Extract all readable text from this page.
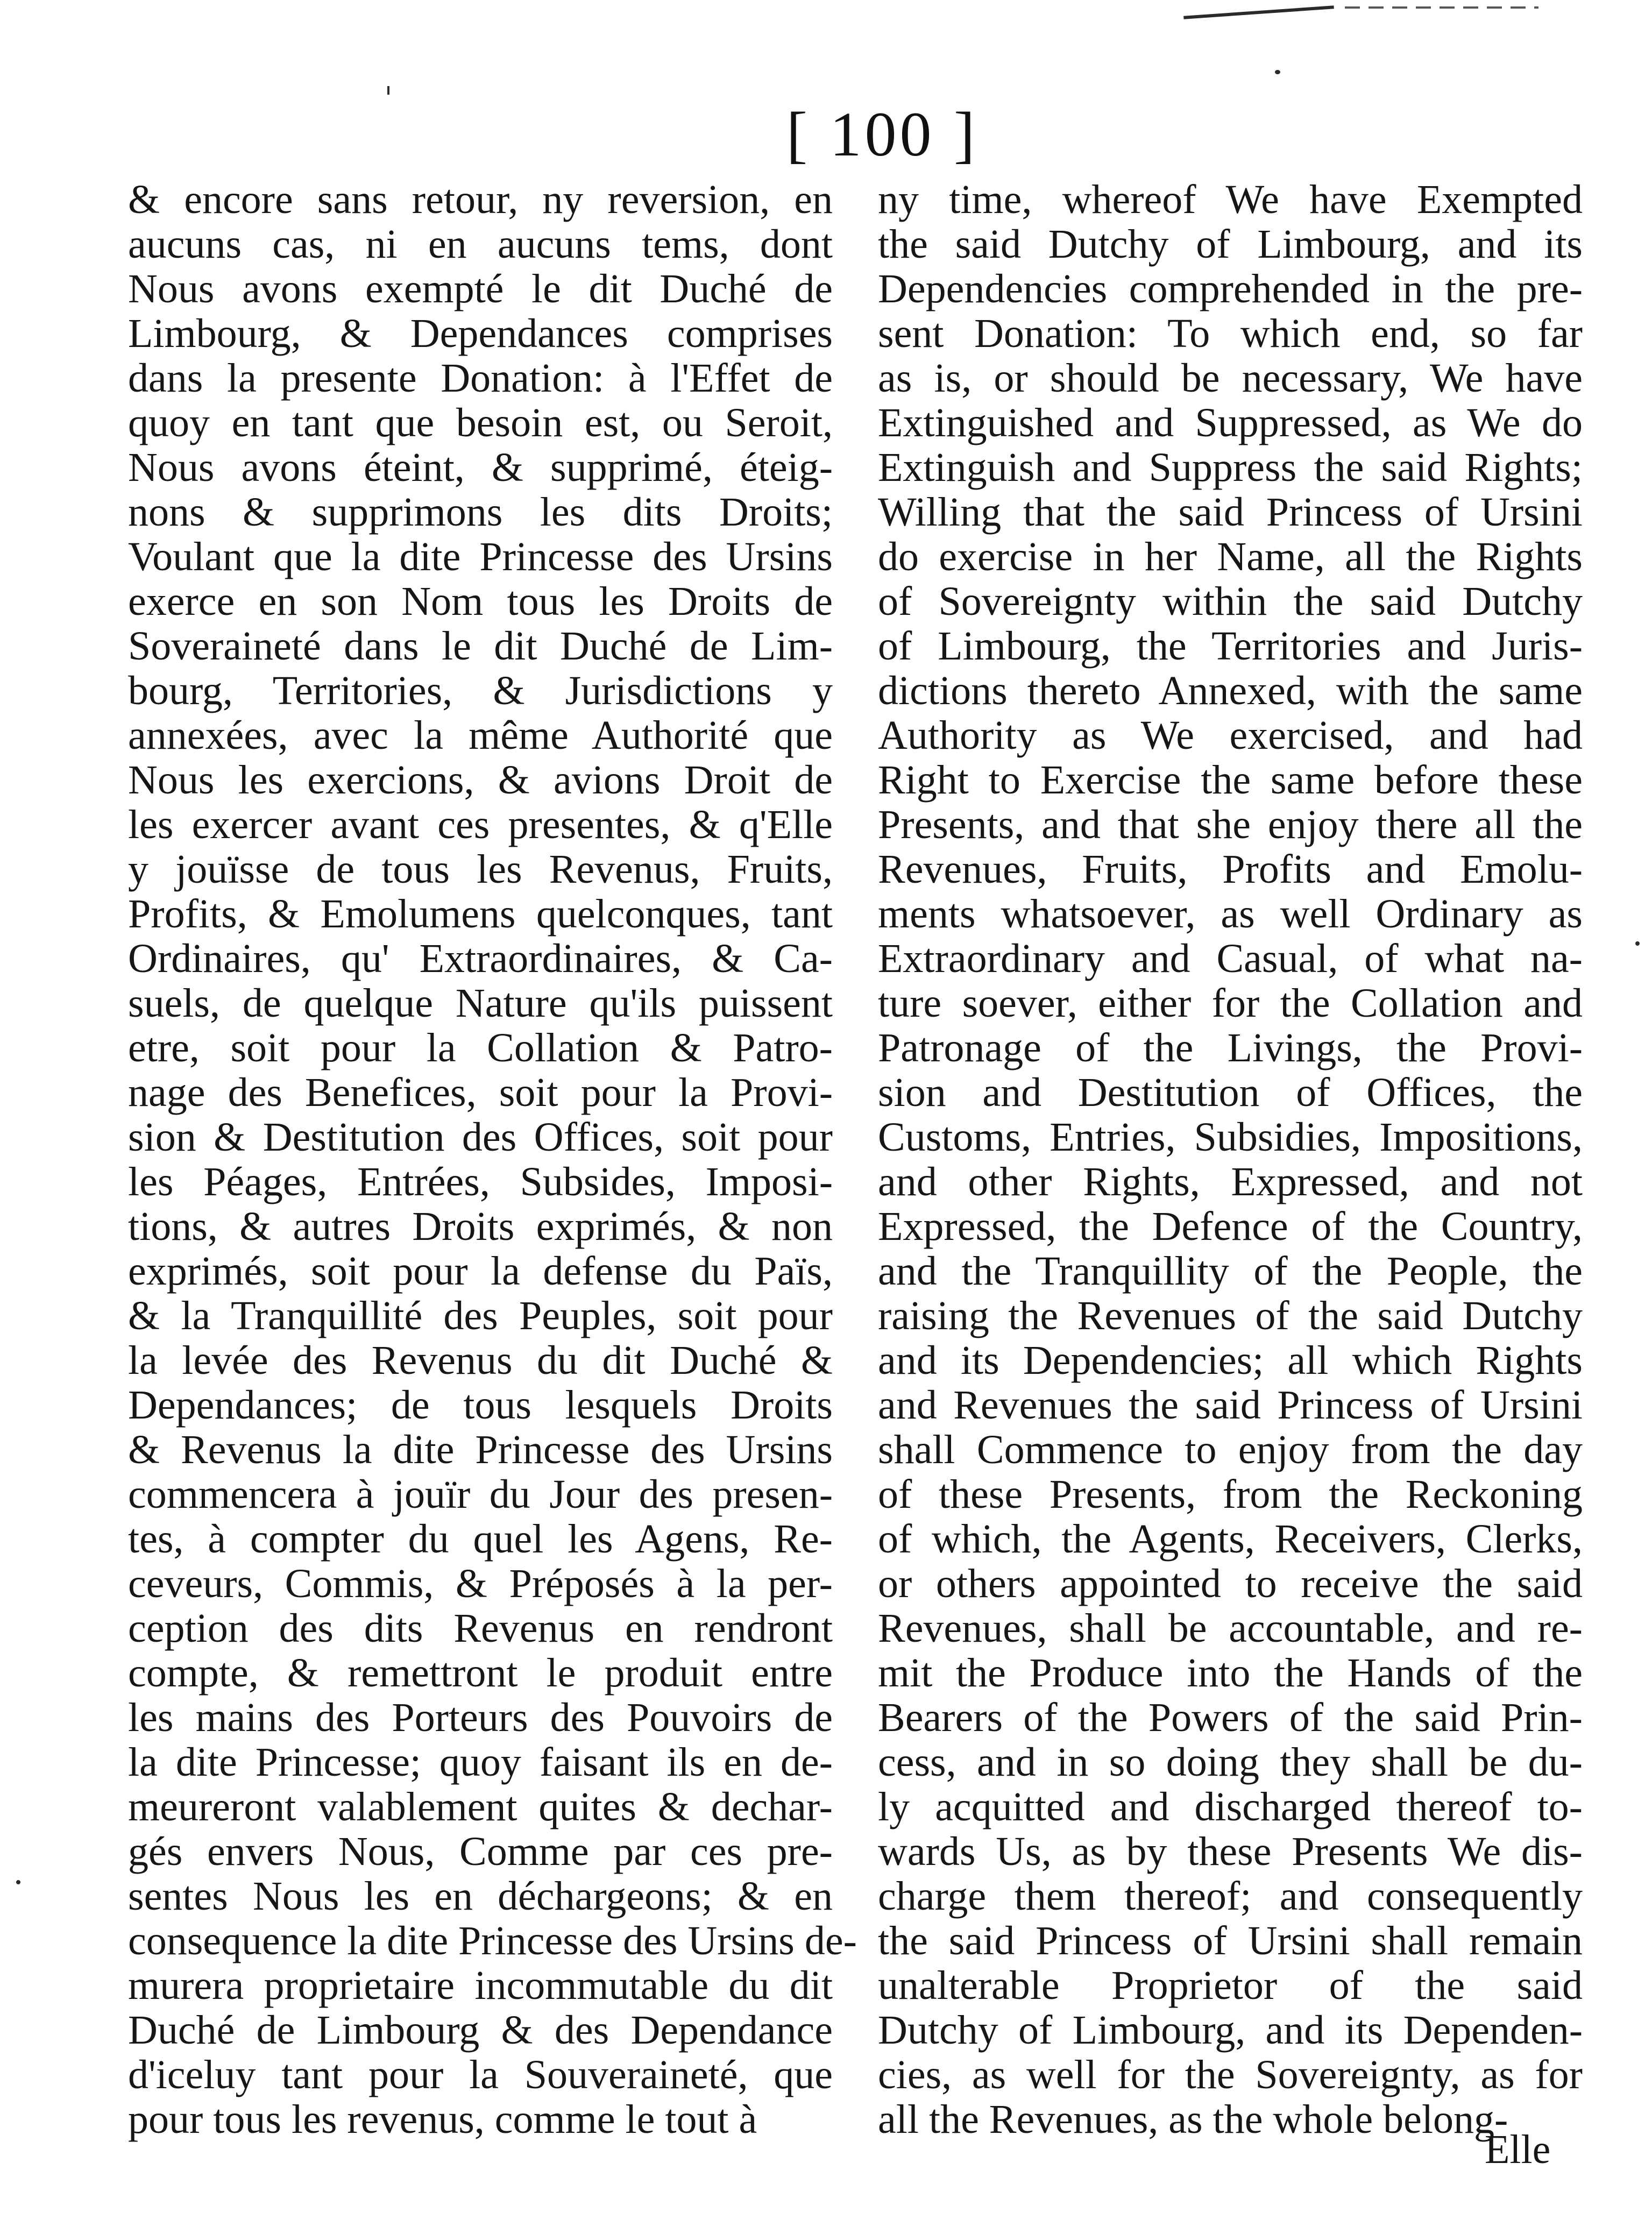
[ 100 ]
& encore sans retour, ny reversion, en
aucuns cas, ni en aucuns tems, dont
Nous avons exempté le dit Duché de
Limbourg, & Dependances comprises
dans la presente Donation: à l'Effet de
quoy en tant que besoin est, ou Seroit,
Nous avons éteint, & supprimé, éteig-
nons & supprimons les dits Droits;
Voulant que la dite Princesse des Ursins
exerce en son Nom tous les Droits de
Soveraineté dans le dit Duché de Lim-
bourg, Territories, & Jurisdictions y
annexées, avec la même Authorité que
Nous les exercions, & avions Droit de
les exercer avant ces presentes, & q'Elle
y jouïsse de tous les Revenus, Fruits,
Profits, & Emolumens quelconques, tant
Ordinaires, qu' Extraordinaires, & Ca-
suels, de quelque Nature qu'ils puissent
etre, soit pour la Collation & Patro-
nage des Benefices, soit pour la Provi-
sion & Destitution des Offices, soit pour
les Péages, Entrées, Subsides, Imposi-
tions, & autres Droits exprimés, & non
exprimés, soit pour la defense du Païs,
& la Tranquillité des Peuples, soit pour
la levée des Revenus du dit Duché &
Dependances; de tous lesquels Droits
& Revenus la dite Princesse des Ursins
commencera à jouïr du Jour des presen-
tes, à compter du quel les Agens, Re-
ceveurs, Commis, & Préposés à la per-
ception des dits Revenus en rendront
compte, & remettront le produit entre
les mains des Porteurs des Pouvoirs de
la dite Princesse; quoy faisant ils en de-
meureront valablement quites & dechar-
gés envers Nous, Comme par ces pre-
sentes Nous les en déchargeons; & en
consequence la dite Princesse des Ursins de-
murera proprietaire incommutable du dit
Duché de Limbourg & des Dependance
d'iceluy tant pour la Souveraineté, que
pour tous les revenus, comme le tout à
ny time, whereof We have Exempted
the said Dutchy of Limbourg, and its
Dependencies comprehended in the pre-
sent Donation: To which end, so far
as is, or should be necessary, We have
Extinguished and Suppressed, as We do
Extinguish and Suppress the said Rights;
Willing that the said Princess of Ursini
do exercise in her Name, all the Rights
of Sovereignty within the said Dutchy
of Limbourg, the Territories and Juris-
dictions thereto Annexed, with the same
Authority as We exercised, and had
Right to Exercise the same before these
Presents, and that she enjoy there all the
Revenues, Fruits, Profits and Emolu-
ments whatsoever, as well Ordinary as
Extraordinary and Casual, of what na-
ture soever, either for the Collation and
Patronage of the Livings, the Provi-
sion and Destitution of Offices, the
Customs, Entries, Subsidies, Impositions,
and other Rights, Expressed, and not
Expressed, the Defence of the Country,
and the Tranquillity of the People, the
raising the Revenues of the said Dutchy
and its Dependencies; all which Rights
and Revenues the said Princess of Ursini
shall Commence to enjoy from the day
of these Presents, from the Reckoning
of which, the Agents, Receivers, Clerks,
or others appointed to receive the said
Revenues, shall be accountable, and re-
mit the Produce into the Hands of the
Bearers of the Powers of the said Prin-
cess, and in so doing they shall be du-
ly acquitted and discharged thereof to-
wards Us, as by these Presents We dis-
charge them thereof; and consequently
the said Princess of Ursini shall remain
unalterable Proprietor of the said
Dutchy of Limbourg, and its Dependen-
cies, as well for the Sovereignty, as for
all the Revenues, as the whole belong-
Elle
